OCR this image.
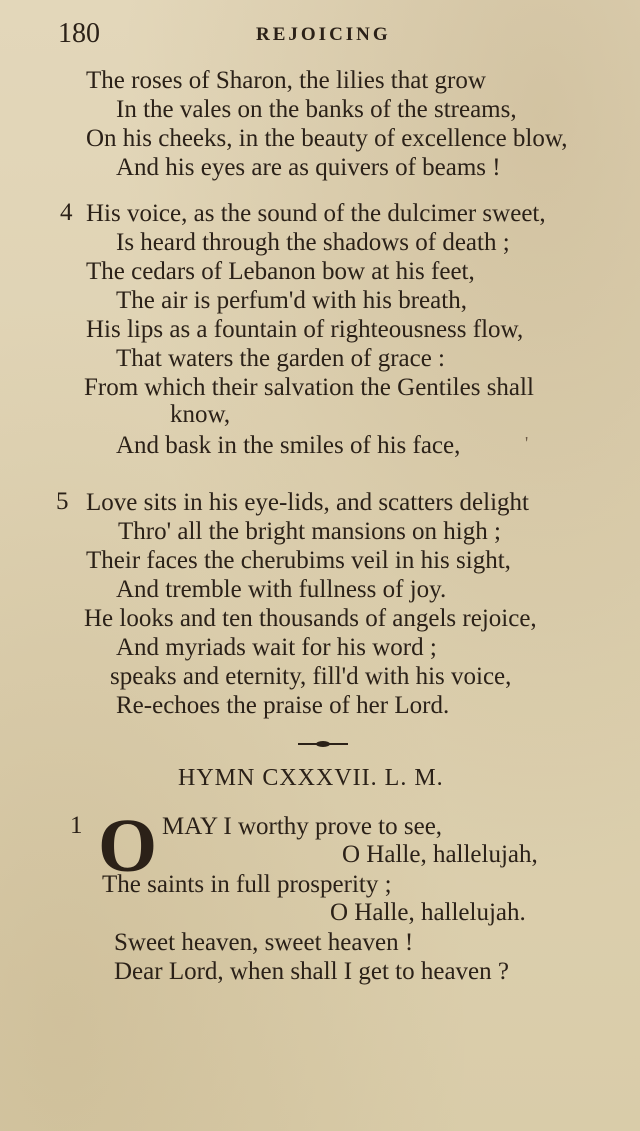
180	REJOICING
The roses of Sharon, the lilies that grow
In the vales on the banks of the streams,
On his cheeks, in the beauty of excellence blow,
And his eyes are as quivers of beams !
4 His voice, as the sound of the dulcimer sweet,
Is heard through the shadows of death ;
The cedars of Lebanon bow at his feet,
The air is perfum'd with his breath,
His lips as a fountain of righteousness flow,
That waters the garden of grace :
From which their salvation the Gentiles shall
know,
And bask in the smiles of his face,	'
5 Love sits in his eye-lids, and scatters delight
Thro' all the bright mansions on high ;
Their faces the cherubims veil in his sight,
And tremble with fullness of joy.
He looks and ten thousands of angels rejoice,
And myriads wait for his word ;
speaks and eternity, fill'd with his voice,
Re-echoes the praise of her Lord.
HYMN CXXXVII. L. M.
1 O MAY I worthy prove to see,
O Halle, hallelujah,
The saints in full prosperity ;
O Halle, hallelujah.
Sweet heaven, sweet heaven !
Dear Lord, when shall I get to heaven ?
